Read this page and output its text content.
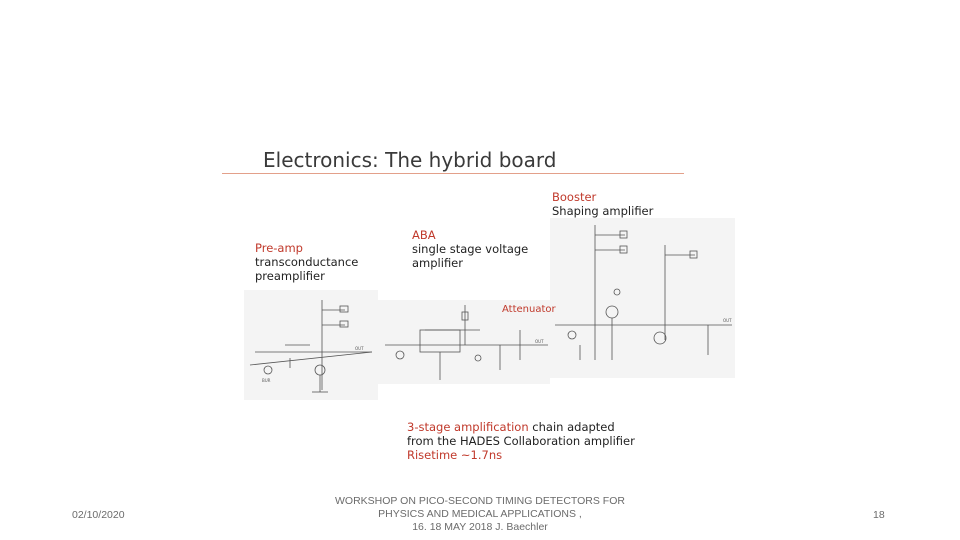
Electronics: The hybrid board
BUR
OUT
OUT
OUT
Booster
Shaping amplifier
ABA
single stage voltage
amplifier
Pre-amp
transconductance
preamplifier
Attenuator
3-stage amplification chain adapted
from the HADES Collaboration amplifier
Risetime ~1.7ns
02/10/2020
WORKSHOP ON PICO-SECOND TIMING DETECTORS FOR
PHYSICS AND MEDICAL APPLICATIONS ,
16. 18 MAY 2018 J. Baechler
18
